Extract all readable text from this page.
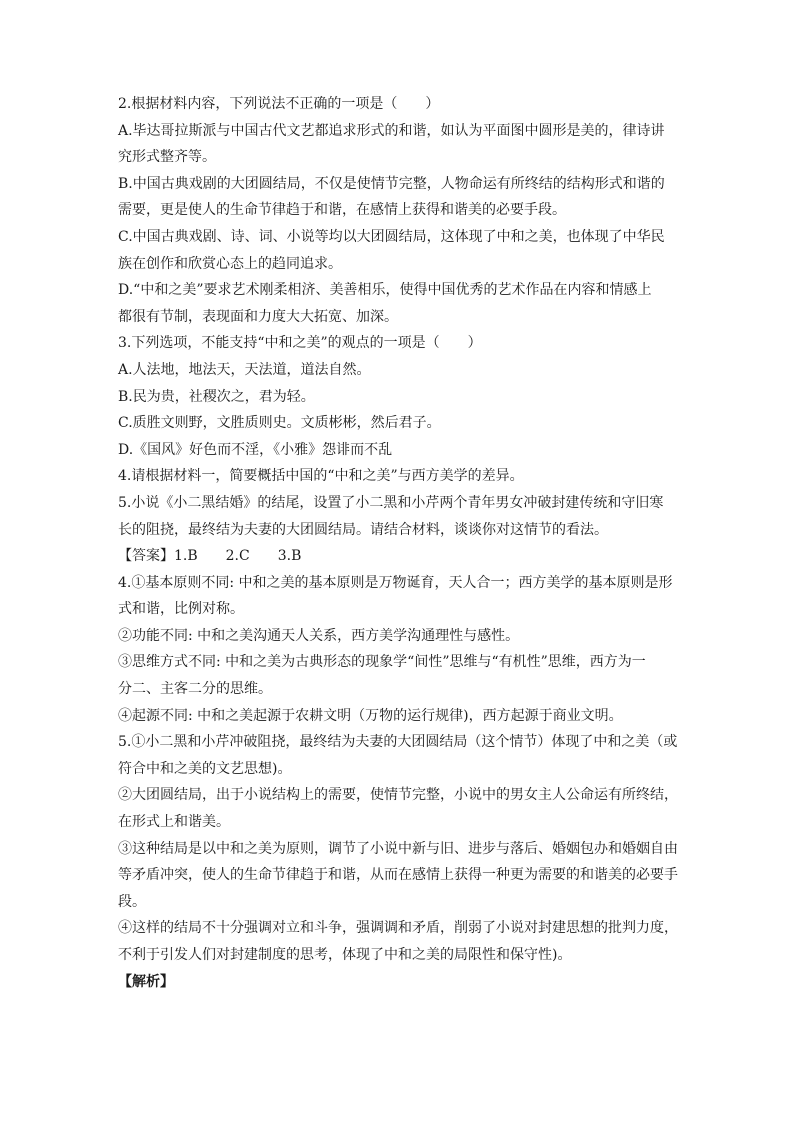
2.根据材料内容，下列说法不正确的一项是（　　）
A.毕达哥拉斯派与中国古代文艺都追求形式的和谐，如认为平面图中圆形是美的，律诗讲
究形式整齐等。
B.中国古典戏剧的大团圆结局，不仅是使情节完整，人物命运有所终结的结构形式和谐的
需要，更是使人的生命节律趋于和谐，在感情上获得和谐美的必要手段。
C.中国古典戏剧、诗、词、小说等均以大团圆结局，这体现了中和之美，也体现了中华民
族在创作和欣赏心态上的趋同追求。
D.“中和之美”要求艺术刚柔相济、美善相乐，使得中国优秀的艺术作品在内容和情感上
都很有节制，表现面和力度大大拓宽、加深。
3.下列选项，不能支持“中和之美”的观点的一项是（　　）
A.人法地，地法天，天法道，道法自然。
B.民为贵，社稷次之，君为轻。
C.质胜文则野，文胜质则史。文质彬彬，然后君子。
D.《国风》好色而不淫，《小雅》怨诽而不乱
4.请根据材料一，简要概括中国的“中和之美”与西方美学的差异。
5.小说《小二黑结婚》的结尾，设置了小二黑和小芹两个青年男女冲破封建传统和守旧寒
长的阻挠，最终结为夫妻的大团圆结局。请结合材料，谈谈你对这情节的看法。
【答案】1.B　　2.C　　3.B
4.①基本原则不同: 中和之美的基本原则是万物诞育，天人合一；西方美学的基本原则是形
式和谐，比例对称。
②功能不同: 中和之美沟通天人关系，西方美学沟通理性与感性。
③思维方式不同: 中和之美为古典形态的现象学“间性”思维与“有机性”思维，西方为一
分二、主客二分的思维。
④起源不同: 中和之美起源于农耕文明（万物的运行规律)，西方起源于商业文明。
5.①小二黑和小芹冲破阻挠，最终结为夫妻的大团圆结局（这个情节）体现了中和之美（或
符合中和之美的文艺思想)。
②大团圆结局，出于小说结构上的需要，使情节完整，小说中的男女主人公命运有所终结，
在形式上和谐美。
③这种结局是以中和之美为原则，调节了小说中新与旧、进步与落后、婚姻包办和婚姻自由
等矛盾冲突，使人的生命节律趋于和谐，从而在感情上获得一种更为需要的和谐美的必要手
段。
④这样的结局不十分强调对立和斗争，强调调和矛盾，削弱了小说对封建思想的批判力度，
不利于引发人们对封建制度的思考，体现了中和之美的局限性和保守性)。
【解析】
